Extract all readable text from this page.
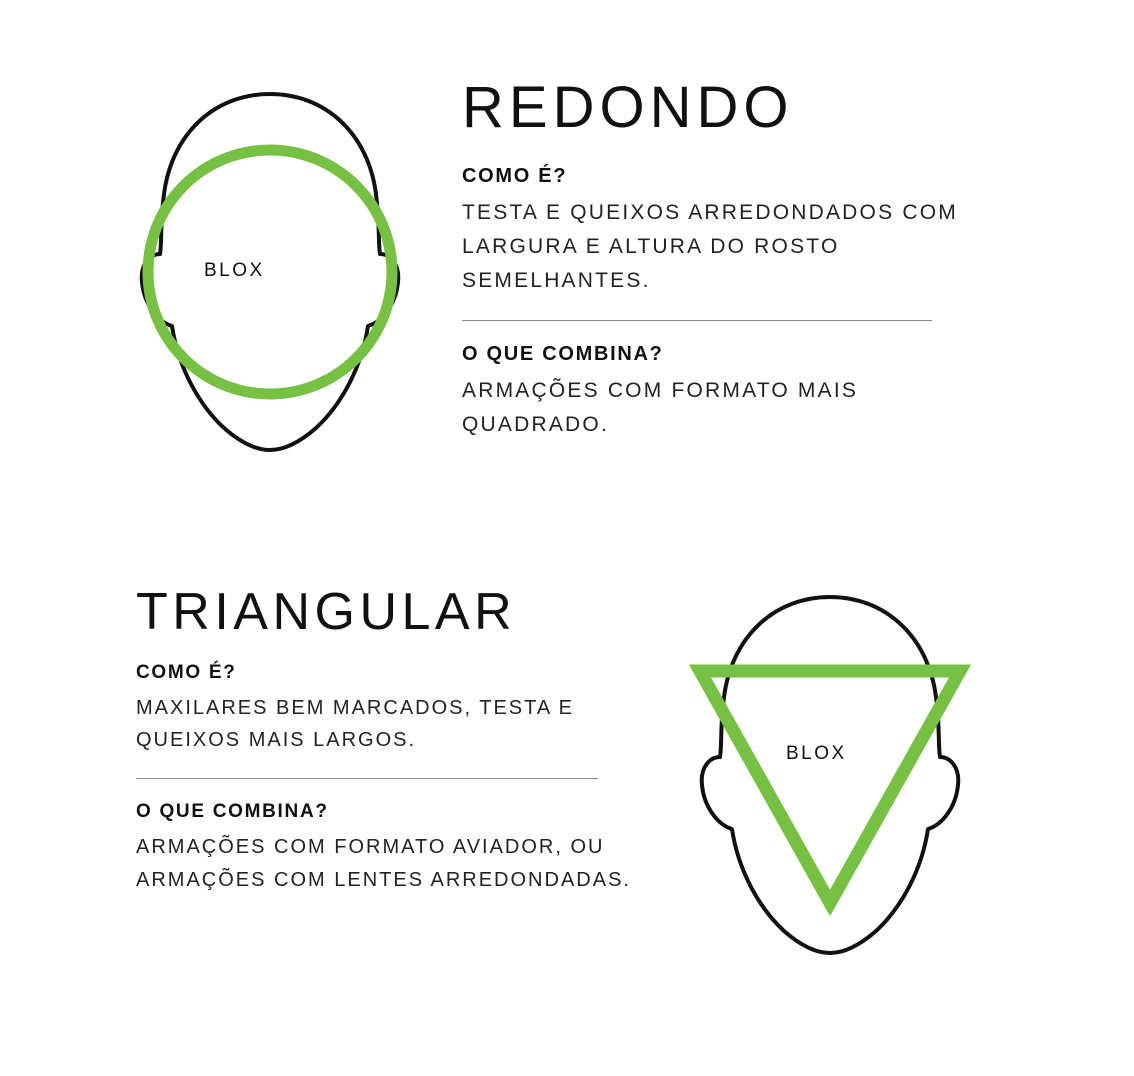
BLOX
REDONDO
COMO É?

TESTA E QUEIXOS ARREDONDADOS COM LARGURA E ALTURA DO ROSTO SEMELHANTES.

O QUE COMBINA?

ARMAÇÕES COM FORMATO MAIS QUADRADO.

TRIANGULAR
COMO É?

MAXILARES BEM MARCADOS, TESTA E QUEIXOS MAIS LARGOS.

O QUE COMBINA?

ARMAÇÕES COM FORMATO AVIADOR, OU ARMAÇÕES COM LENTES ARREDONDADAS.

BLOX
